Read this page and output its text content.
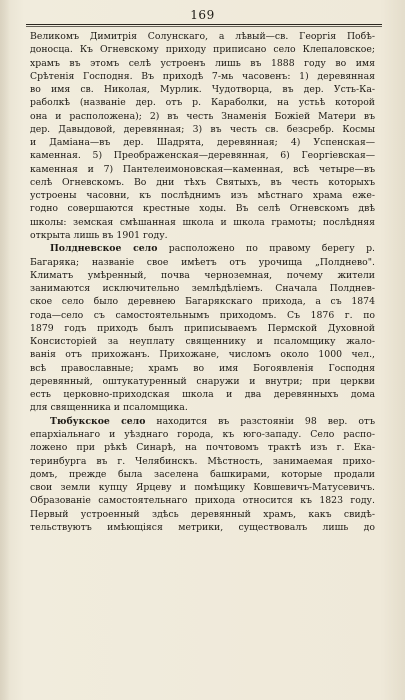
169
Великомъ Димитрія Солунскаго, а лѣвый—св. Георгія Побѣ-
доносца. Къ Огневскому приходу приписано село Клепаловское;
храмъ въ этомъ селѣ устроенъ лишь въ 1888 году во имя
Срѣтенія Господня. Въ приходѣ 7-мь часовенъ: 1) деревянная
во имя св. Николая, Мурлик. Чудотворца, въ дер. Усть-Ка-
раболкѣ (названіе дер. отъ р. Караболки, на устьѣ которой
она и расположена); 2) въ честь Знаменія Божіей Матери въ
дер. Давыдовой, деревянная; 3) въ честь св. безсребр. Космы
и Даміана—въ дер. Шадрята, деревянная; 4) Успенская—
каменная. 5) Преображенская—деревянная, 6) Георгіевская—
каменная и 7) Пантелеимоновская—каменная, всѣ четыре—въ
селѣ Огневскомъ. Во дни тѣхъ Святыхъ, въ честь которыхъ
устроены часовни, къ послѣднимъ изъ мѣстнаго храма еже-
годно совершаются крестные ходы. Въ селѣ Огневскомъ двѣ
школы: земская смѣшанная школа и школа грамоты; послѣдняя
открыта лишь въ 1901 году.
Полдневское село расположено по правому берегу р.
Багаряка; названіе свое имѣетъ отъ урочища „Полднево".
Климатъ умѣренный, почва черноземная, почему жители
занимаются исключительно землѣдѣліемъ. Сначала Полднев-
ское село было деревнею Багарякскаго прихода, а съ 1874
года—село съ самостоятельнымъ приходомъ. Съ 1876 г. по
1879 годъ приходъ былъ приписываемъ Пермской Духовной
Консисторіей за неуплату священнику и псаломщику жало-
ванія отъ прихожанъ. Прихожане, числомъ около 1000 чел.,
всѣ православные; храмъ во имя Богоявленія Господня
деревянный, оштукатуренный снаружи и внутри; при церкви
есть церковно-приходская школа и два деревянныхъ дома
для священника и псаломщика.
Тюбукское село находится въ разстояніи 98 вер. отъ
епархіальнаго и уѣзднаго города, къ юго-западу. Село распо-
ложено при рѣкѣ Синарѣ, на почтовомъ трактѣ изъ г. Ека-
теринбурга въ г. Челябинскъ. Мѣстность, занимаемая прихо-
домъ, прежде была заселена башкирами, которые продали
свои земли купцу Ярцеву и помѣщику Ковшевичъ-Матусевичъ.
Образованіе самостоятельнаго прихода относится къ 1823 году.
Первый устроенный здѣсь деревянный храмъ, какъ свидѣ-
тельствуютъ имѣющіяся метрики, существовалъ лишь до
